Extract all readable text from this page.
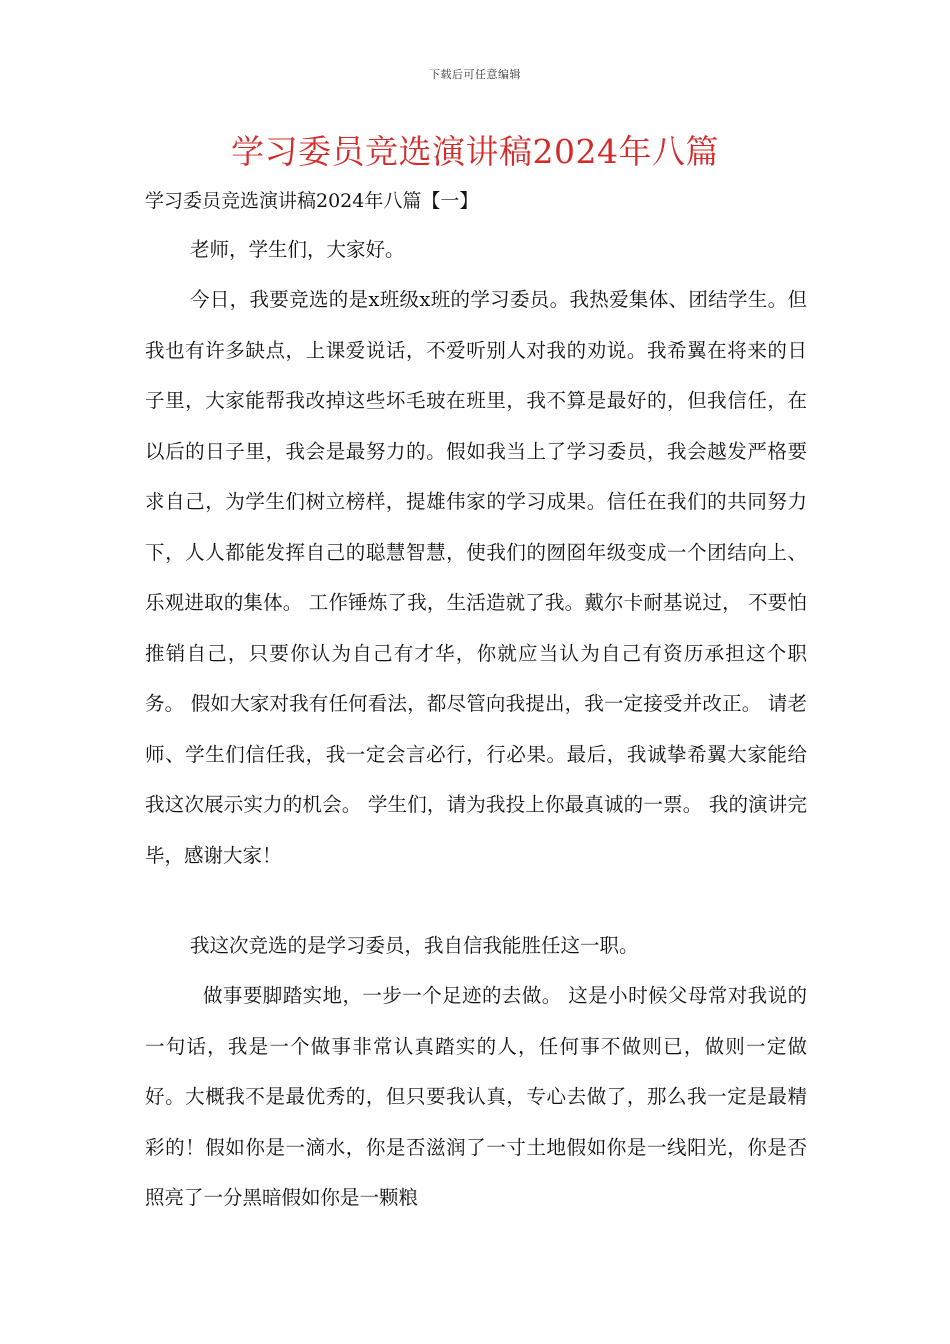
下载后可任意编辑
学习委员竞选演讲稿2024年八篇
学习委员竞选演讲稿2024年八篇【一】

老师，学生们，大家好。

今日，我要竞选的是x班级x班的学习委员。我热爱集体、团结学生。但我也有许多缺点，上课爱说话，不爱听别人对我的劝说。我希翼在将来的日子里，大家能帮我改掉这些坏毛玻在班里，我不算是最好的，但我信任，在以后的日子里，我会是最努力的。假如我当上了学习委员，我会越发严格要求自己，为学生们树立榜样，提雄伟家的学习成果。信任在我们的共同努力下，人人都能发挥自己的聪慧智慧，使我们的囫囵年级变成一个团结向上、乐观进取的集体。 工作锤炼了我，生活造就了我。戴尔卡耐基说过， 不要怕推销自己，只要你认为自己有才华，你就应当认为自己有资历承担这个职务。 假如大家对我有任何看法，都尽管向我提出，我一定接受并改正。 请老师、学生们信任我，我一定会言必行，行必果。最后，我诚挚希翼大家能给我这次展示实力的机会。 学生们，请为我投上你最真诚的一票。 我的演讲完毕，感谢大家！

我这次竞选的是学习委员，我自信我能胜任这一职。

做事要脚踏实地，一步一个足迹的去做。 这是小时候父母常对我说的一句话，我是一个做事非常认真踏实的人，任何事不做则已，做则一定做好。大概我不是最优秀的，但只要我认真，专心去做了，那么我一定是最精彩的！假如你是一滴水，你是否滋润了一寸土地假如你是一线阳光，你是否照亮了一分黑暗假如你是一颗粮
